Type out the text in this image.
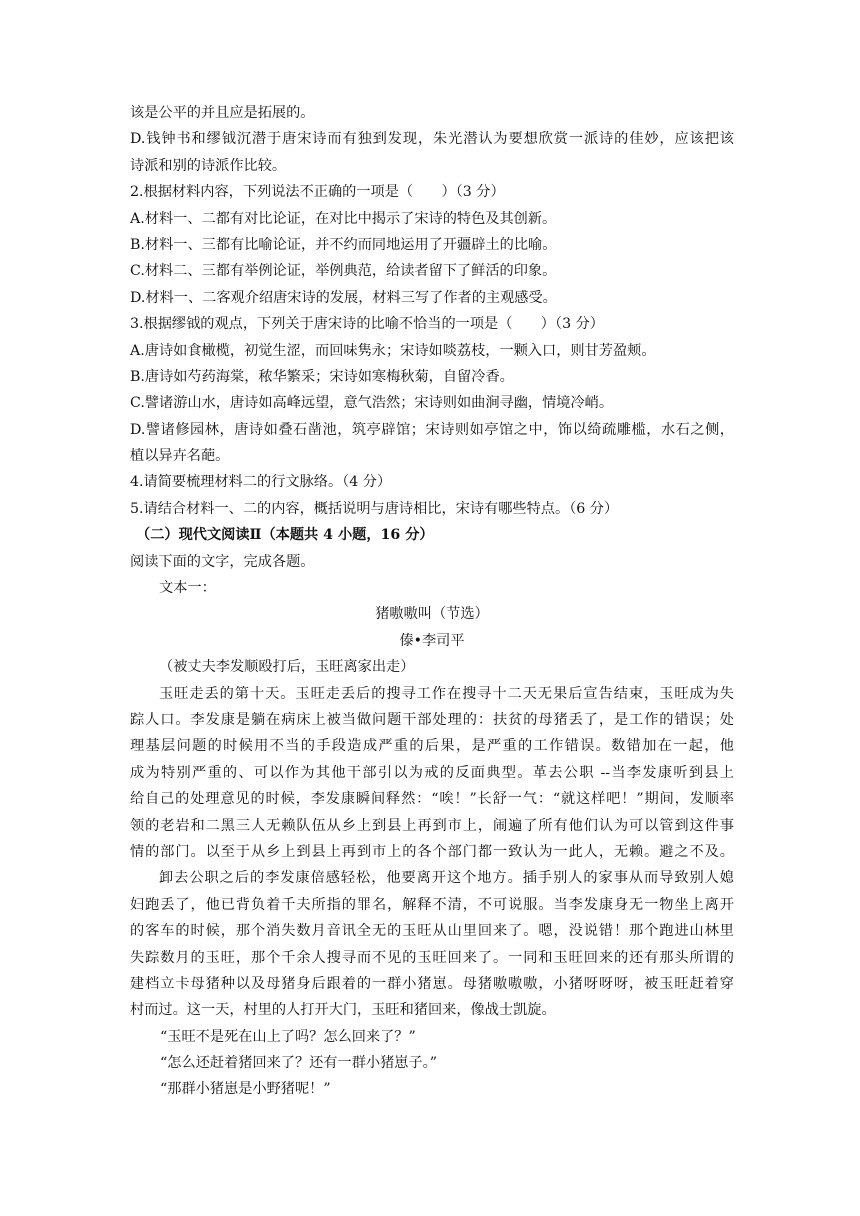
该是公平的并且应是拓展的。
D.钱钟书和缪钺沉潜于唐宋诗而有独到发现，朱光潜认为要想欣赏一派诗的佳妙，应该把该
诗派和别的诗派作比较。
2.根据材料内容，下列说法不正确的一项是（　　）（3 分）
A.材料一、二都有对比论证，在对比中揭示了宋诗的特色及其创新。
B.材料一、三都有比喻论证，并不约而同地运用了开疆辟土的比喻。
C.材料二、三都有举例论证，举例典范，给读者留下了鲜活的印象。
D.材料一、二客观介绍唐宋诗的发展，材料三写了作者的主观感受。
3.根据缪钺的观点，下列关于唐宋诗的比喻不恰当的一项是（　　）（3 分）
A.唐诗如食橄榄，初觉生涩，而回味隽永；宋诗如啖荔枝，一颗入口，则甘芳盈颊。
B.唐诗如芍药海棠，秾华繁采；宋诗如寒梅秋菊，自留冷香。
C.譬诸游山水，唐诗如高峰远望，意气浩然；宋诗则如曲涧寻幽，情境冷峭。
D.譬诸修园林，唐诗如叠石凿池，筑亭辟馆；宋诗则如亭馆之中，饰以绮疏雕槛，水石之侧，
植以异卉名葩。
4.请简要梳理材料二的行文脉络。（4 分）
5.请结合材料一、二的内容，概括说明与唐诗相比，宋诗有哪些特点。（6 分）
（二）现代文阅读Ⅱ（本题共 4 小题，16 分）
阅读下面的文字，完成各题。
文本一：
猪嗷嗷叫（节选）
傣•李司平
（被丈夫李发顺殴打后，玉旺离家出走）
玉旺走丢的第十天。玉旺走丢后的搜寻工作在搜寻十二天无果后宣告结束，玉旺成为失
踪人口。李发康是躺在病床上被当做问题干部处理的：扶贫的母猪丢了，是工作的错误；处
理基层问题的时候用不当的手段造成严重的后果，是严重的工作错误。数错加在一起，他
成为特别严重的、可以作为其他干部引以为戒的反面典型。革去公职 --当李发康听到县上
给自己的处理意见的时候，李发康瞬间释然：“唉！”长舒一气：“就这样吧！”期间，发顺率
领的老岩和二黑三人无赖队伍从乡上到县上再到市上，闹遍了所有他们认为可以管到这件事
情的部门。以至于从乡上到县上再到市上的各个部门都一致认为一此人，无赖。避之不及。
卸去公职之后的李发康倍感轻松，他要离开这个地方。插手别人的家事从而导致别人媳
妇跑丢了，他已背负着千夫所指的罪名，解释不清，不可说服。当李发康身无一物坐上离开
的客车的时候，那个消失数月音讯全无的玉旺从山里回来了。嗯，没说错！那个跑进山林里
失踪数月的玉旺，那个千余人搜寻而不见的玉旺回来了。一同和玉旺回来的还有那头所谓的
建档立卡母猪种以及母猪身后跟着的一群小猪崽。母猪嗷嗷嗷，小猪呀呀呀，被玉旺赶着穿
村而过。这一天，村里的人打开大门，玉旺和猪回来，像战士凯旋。
“玉旺不是死在山上了吗？怎么回来了？”
“怎么还赶着猪回来了？还有一群小猪崽子。”
“那群小猪崽是小野猪呢！”
